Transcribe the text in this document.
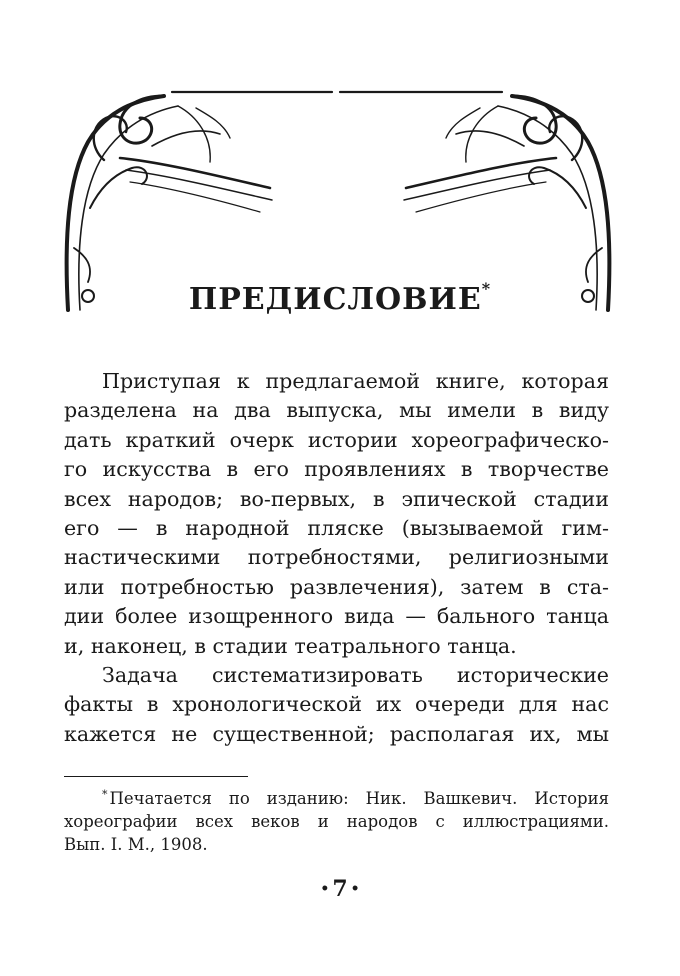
ПРЕДИСЛОВИЕ*
Приступая к предлагаемой книге, которая
разделена на два выпуска, мы имели в виду
дать краткий очерк истории хореографическо-
го искусства в его проявлениях в творчестве
всех народов; во-первых, в эпической стадии
его — в народной пляске (вызываемой гим-
настическими потребностями, религиозными
или потребностью развлечения), затем в ста-
дии более изощренного вида — бального танца
и, наконец, в стадии театрального танца.
Задача систематизировать исторические
факты в хронологической их очереди для нас
кажется не существенной; располагая их, мы
* Печатается по изданию: Ник. Вашкевич. История
хореографии всех веков и народов с иллюстрациями.
Вып. I. М., 1908.
• 7 •
